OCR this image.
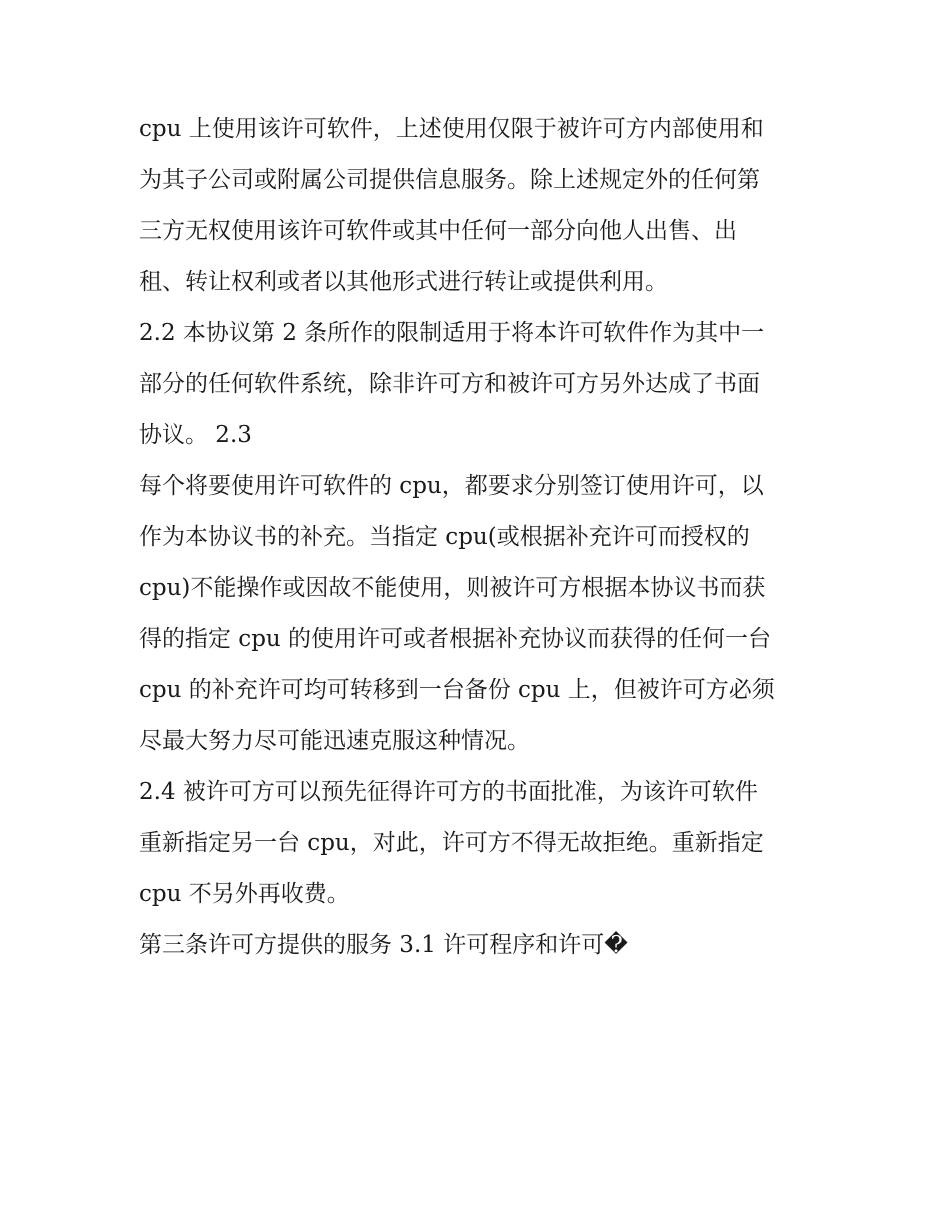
cpu 上使用该许可软件，上述使用仅限于被许可方内部使用和
为其子公司或附属公司提供信息服务。除上述规定外的任何第
三方无权使用该许可软件或其中任何一部分向他人出售、出
租、转让权利或者以其他形式进行转让或提供利用。
2.2 本协议第 2 条所作的限制适用于将本许可软件作为其中一
部分的任何软件系统，除非许可方和被许可方另外达成了书面
协议。 2.3
每个将要使用许可软件的 cpu，都要求分别签订使用许可，以
作为本协议书的补充。当指定 cpu(或根据补充许可而授权的
cpu)不能操作或因故不能使用，则被许可方根据本协议书而获
得的指定 cpu 的使用许可或者根据补充协议而获得的任何一台
cpu 的补充许可均可转移到一台备份 cpu 上，但被许可方必须
尽最大努力尽可能迅速克服这种情况。
2.4 被许可方可以预先征得许可方的书面批准，为该许可软件
重新指定另一台 cpu，对此，许可方不得无故拒绝。重新指定
cpu 不另外再收费。
第三条许可方提供的服务 3.1 许可程序和许可�
